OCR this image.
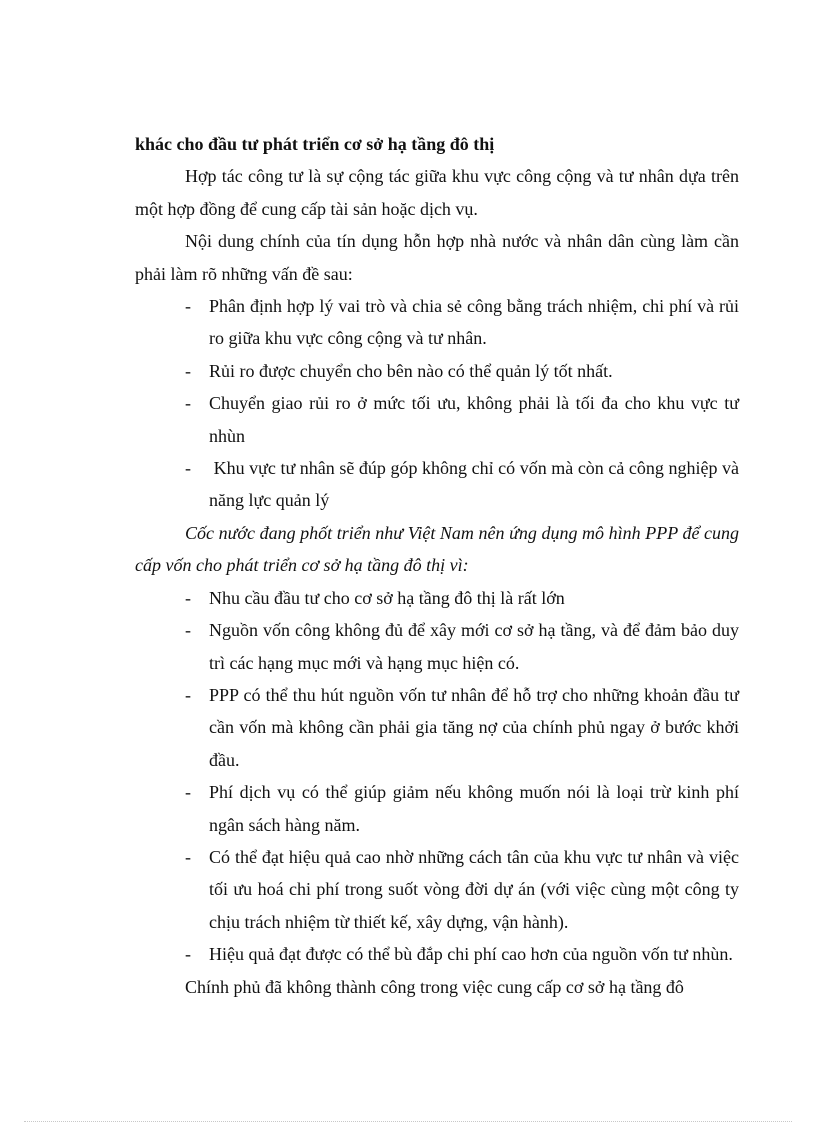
khác cho đầu tư phát triển cơ sở hạ tầng đô thị

Hợp tác công tư là sự cộng tác giữa khu vực công cộng và tư nhân dựa trên một hợp đồng để cung cấp tài sản hoặc dịch vụ.

Nội dung chính của tín dụng hỗn hợp nhà nước và nhân dân cùng làm cần phải làm rõ những vấn đề sau:

- Phân định hợp lý vai trò và chia sẻ công bằng trách nhiệm, chi phí và rủi ro giữa khu vực công cộng và tư nhân.
- Rủi ro được chuyển cho bên nào có thể quản lý tốt nhất.
- Chuyển giao rủi ro ở mức tối ưu, không phải là tối đa cho khu vực tư nhùn
- Khu vực tư nhân sẽ đúp góp không chỉ có vốn mà còn cả công nghiệp và năng lực quản lý

Cốc nước đang phốt triển như Việt Nam nên ứng dụng mô hình PPP để cung cấp vốn cho phát triển cơ sở hạ tầng đô thị vì:

- Nhu cầu đầu tư cho cơ sở hạ tầng đô thị là rất lớn
- Nguồn vốn công không đủ để xây mới cơ sở hạ tầng, và để đảm bảo duy trì các hạng mục mới và hạng mục hiện có.
- PPP có thể thu hút nguồn vốn tư nhân để hỗ trợ cho những khoản đầu tư cần vốn mà không cần phải gia tăng nợ của chính phủ ngay ở bước khởi đầu.
- Phí dịch vụ có thể giúp giảm nếu không muốn nói là loại trừ kinh phí ngân sách hàng năm.
- Có thể đạt hiệu quả cao nhờ những cách tân của khu vực tư nhân và việc tối ưu hoá chi phí trong suốt vòng đời dự án (với việc cùng một công ty chịu trách nhiệm từ thiết kế, xây dựng, vận hành).
- Hiệu quả đạt được có thể bù đắp chi phí cao hơn của nguồn vốn tư nhùn.

Chính phủ đã không thành công trong việc cung cấp cơ sở hạ tầng đô
